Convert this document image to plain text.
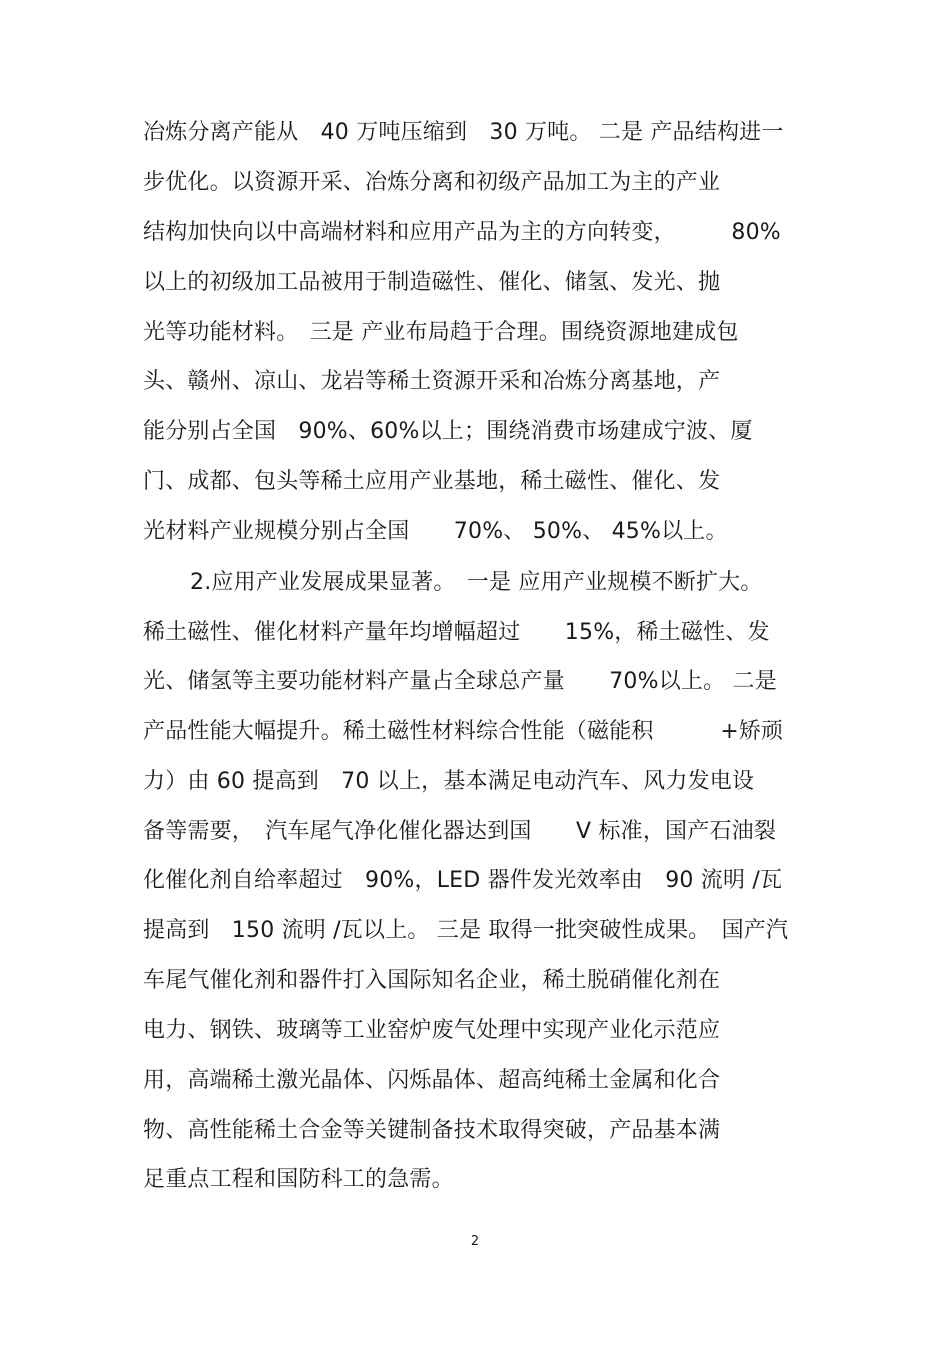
冶炼分离产能从　40 万吨压缩到　30 万吨。 二是 产品结构进一
步优化。以资源开采、冶炼分离和初级产品加工为主的产业
结构加快向以中高端材料和应用产品为主的方向转变，　　　80%
以上的初级加工品被用于制造磁性、催化、储氢、发光、抛
光等功能材料。　三是 产业布局趋于合理。围绕资源地建成包
头、赣州、凉山、龙岩等稀土资源开采和冶炼分离基地，产
能分别占全国　90%、60%以上；围绕消费市场建成宁波、厦
门、成都、包头等稀土应用产业基地，稀土磁性、催化、发
光材料产业规模分别占全国　　70%、 50%、 45%以上。
2.应用产业发展成果显著。　一是 应用产业规模不断扩大。
稀土磁性、催化材料产量年均增幅超过　　15%，稀土磁性、发
光、储氢等主要功能材料产量占全球总产量　　70%以上。 二是
产品性能大幅提升。稀土磁性材料综合性能（磁能积　　　+矫顽
力）由 60 提高到　70 以上，基本满足电动汽车、风力发电设
备等需要，　汽车尾气净化催化器达到国　　V 标准，国产石油裂
化催化剂自给率超过　90%，LED 器件发光效率由　90 流明 /瓦
提高到　150 流明 /瓦以上。 三是 取得一批突破性成果。　国产汽
车尾气催化剂和器件打入国际知名企业，稀土脱硝催化剂在
电力、钢铁、玻璃等工业窑炉废气处理中实现产业化示范应
用，高端稀土激光晶体、闪烁晶体、超高纯稀土金属和化合
物、高性能稀土合金等关键制备技术取得突破，产品基本满
足重点工程和国防科工的急需。
2
